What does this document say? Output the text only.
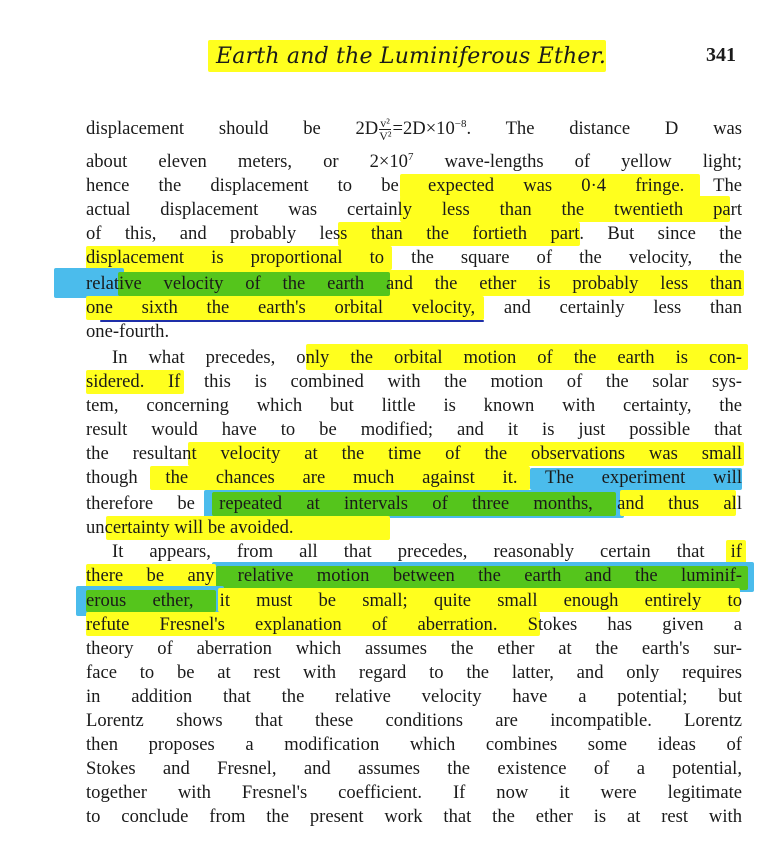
Earth and the Luminiferous Ether.	341
displacement should be $2D \frac{\text{v²}}{\text{V²}} =2D\times 10^{-8}$. The distance D was
about eleven meters, or $2\times 10^7$ wave-lengths of yellow light;
hence the displacement to be expected was 0·4 fringe. The
actual displacement was certainly less than the twentieth part
of this, and probably less than the fortieth part. But since the
displacement is proportional to the square of the velocity, the
relative velocity of the earth and the ether is probably less than
one sixth the earth's orbital velocity, and certainly less than
one-fourth.
In what precedes, only the orbital motion of the earth is con-
sidered. If this is combined with the motion of the solar sys-
tem, concerning which but little is known with certainty, the
result would have to be modified; and it is just possible that
the resultant velocity at the time of the observations was small
though the chances are much against it. The experiment will
therefore be repeated at intervals of three months, and thus all
uncertainty will be avoided.
It appears, from all that precedes, reasonably certain that if
there be any relative motion between the earth and the luminif-
erous ether, it must be small; quite small enough entirely to
refute Fresnel's explanation of aberration. Stokes has given a
theory of aberration which assumes the ether at the earth's sur-
face to be at rest with regard to the latter, and only requires
in addition that the relative velocity have a potential; but
Lorentz shows that these conditions are incompatible. Lorentz
then proposes a modification which combines some ideas of
Stokes and Fresnel, and assumes the existence of a potential,
together with Fresnel's coefficient. If now it were legitimate
to conclude from the present work that the ether is at rest with
